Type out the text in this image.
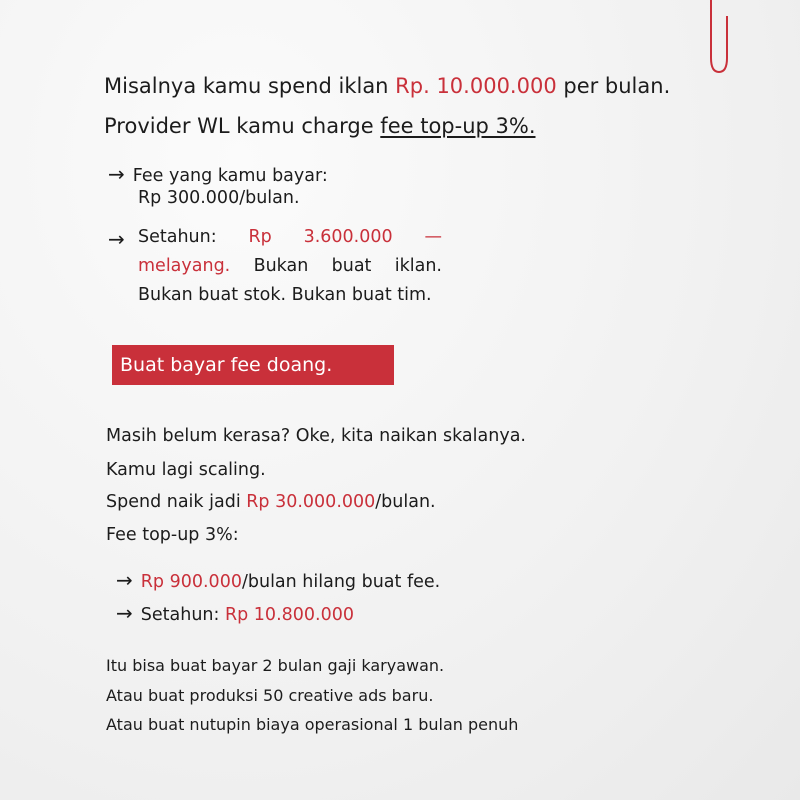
Misalnya kamu spend iklan Rp. 10.000.000 per bulan.
Provider WL kamu charge fee top-up 3%.
→ Fee yang kamu bayar:
Rp 300.000/bulan.
→ Setahun: Rp 3.600.000 —
melayang. Bukan buat iklan.
Bukan buat stok. Bukan buat tim.
Buat bayar fee doang.
Masih belum kerasa? Oke, kita naikan skalanya.
Kamu lagi scaling.
Spend naik jadi Rp 30.000.000/bulan.
Fee top-up 3%:
→ Rp 900.000/bulan hilang buat fee.
→ Setahun: Rp 10.800.000
Itu bisa buat bayar 2 bulan gaji karyawan.
Atau buat produksi 50 creative ads baru.
Atau buat nutupin biaya operasional 1 bulan penuh
